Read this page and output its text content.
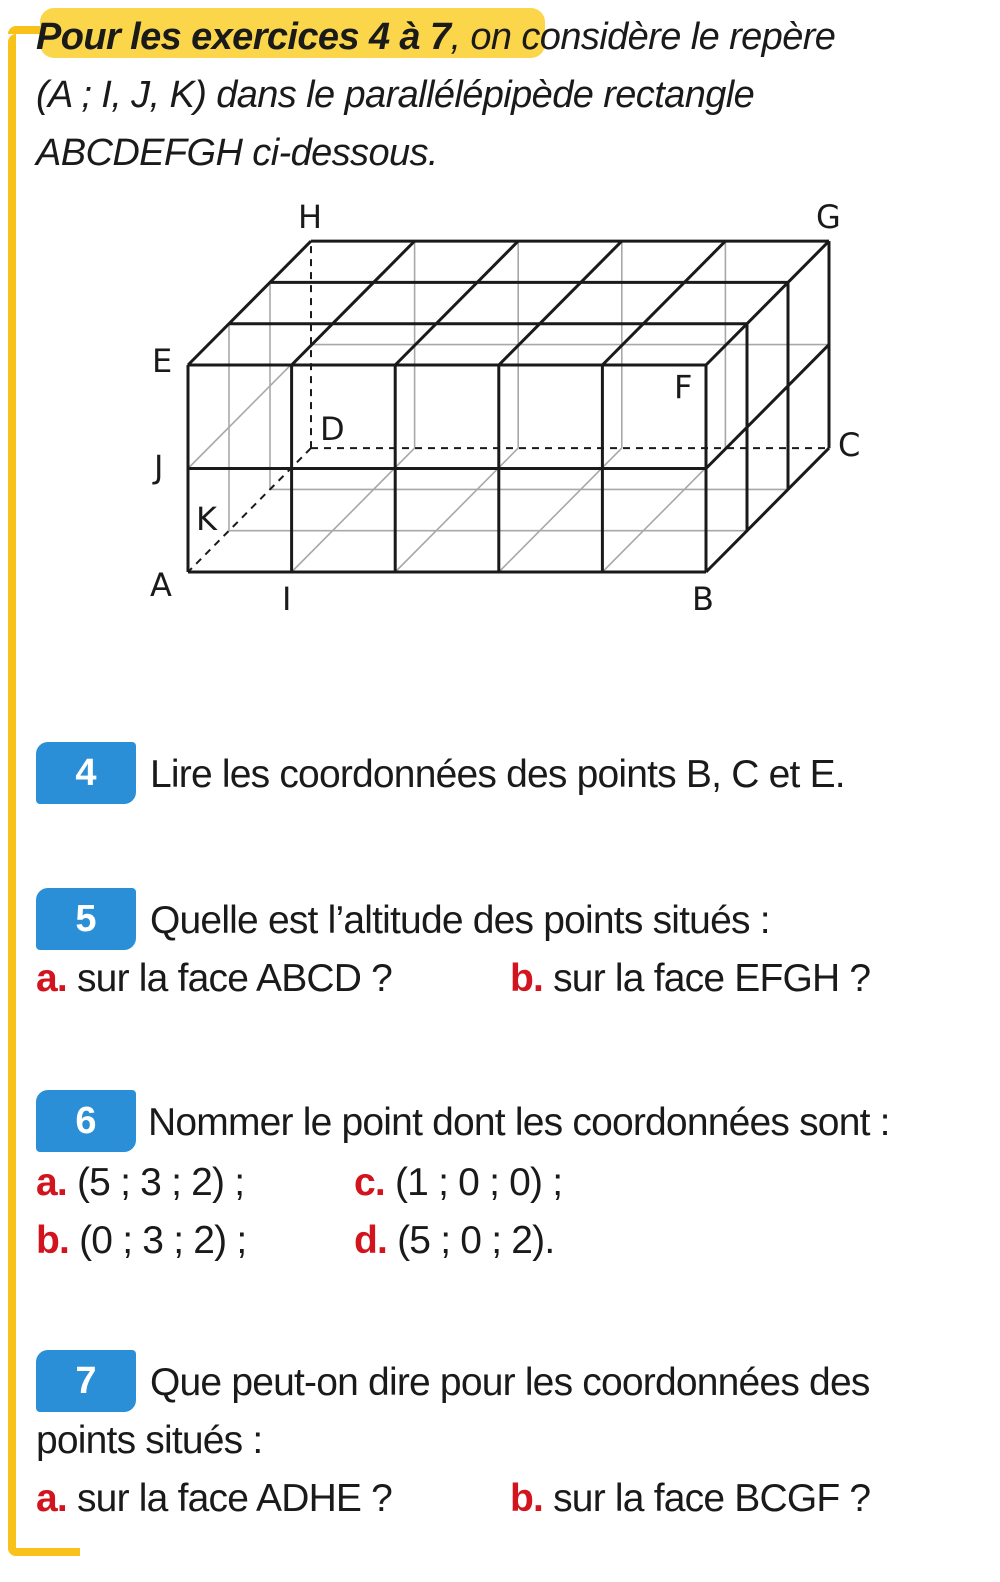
Pour les exercices 4 à 7, on considère le repère
(A ; I, J, K) dans le parallélépipède rectangle
ABCDEFGH ci-dessous.
H	G
E
F
D	C
J
K
A	I	B
4	Lire les coordonnées des points B, C et E.
5	Quelle est l’altitude des points situés :
a. sur la face ABCD ?	b. sur la face EFGH ?
6	Nommer le point dont les coordonnées sont :
a. (5 ; 3 ; 2) ;	c. (1 ; 0 ; 0) ;
b. (0 ; 3 ; 2) ;	d. (5 ; 0 ; 2).
7	Que peut-on dire pour les coordonnées des
points situés :
a. sur la face ADHE ?	b. sur la face BCGF ?
